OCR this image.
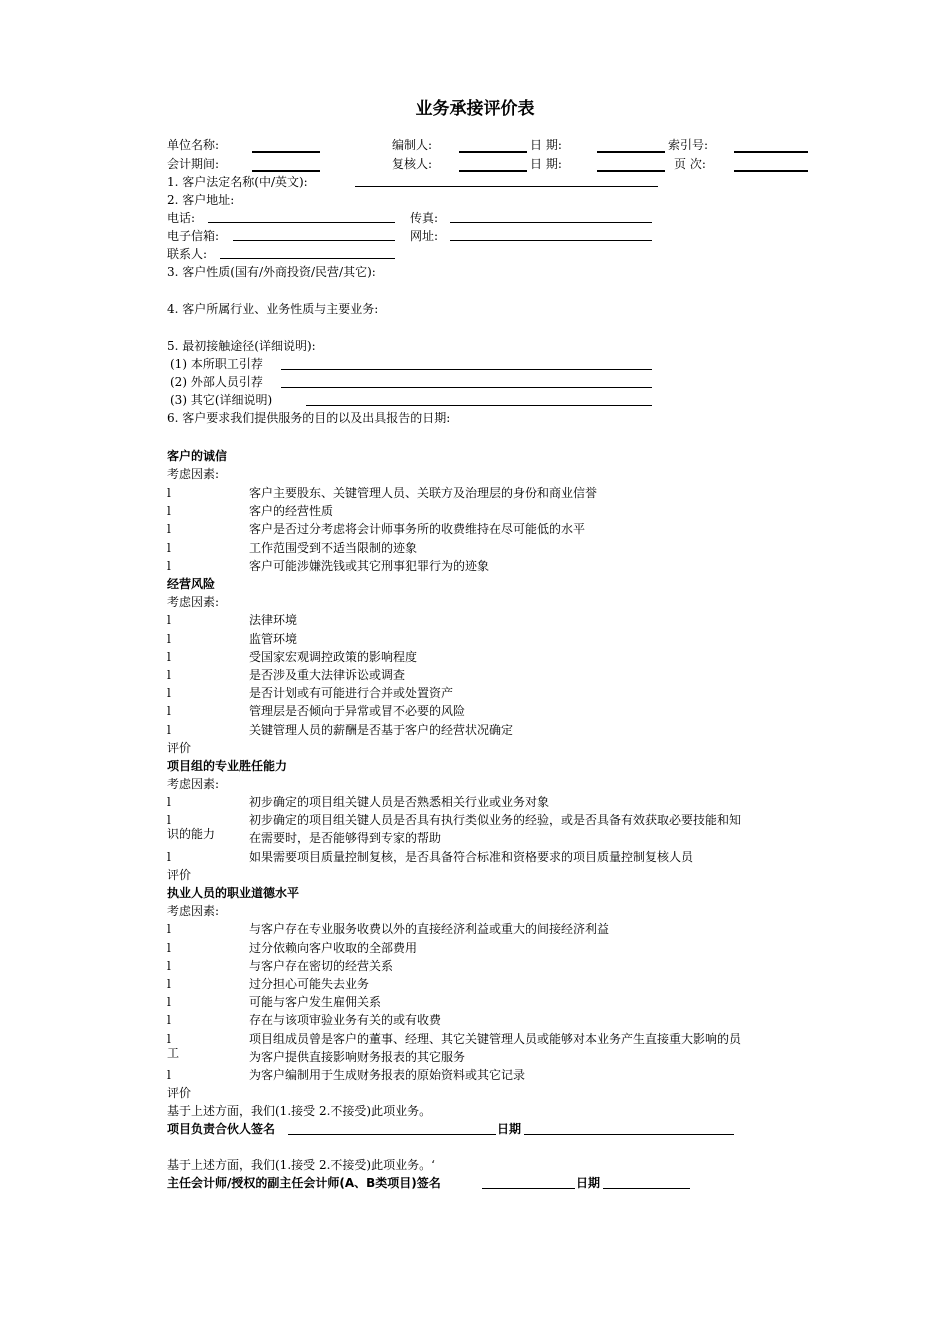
业务承接评价表
单位名称:	编制人:	日 期:	索引号:
会计期间:	复核人:	日 期:	页 次:
1. 客户法定名称(中/英文):
2. 客户地址:
电话:	传真:
电子信箱:	网址:
联系人:
3. 客户性质(国有/外商投资/民营/其它):
4. 客户所属行业、业务性质与主要业务:
5. 最初接触途径(详细说明):
(1) 本所职工引荐
(2) 外部人员引荐
(3) 其它(详细说明)
6. 客户要求我们提供服务的目的以及出具报告的日期:
客户的诚信
考虑因素:
l	客户主要股东、关键管理人员、关联方及治理层的身份和商业信誉
l	客户的经营性质
l	客户是否过分考虑将会计师事务所的收费维持在尽可能低的水平
l	工作范围受到不适当限制的迹象
l	客户可能涉嫌洗钱或其它刑事犯罪行为的迹象
经营风险
考虑因素:
l	法律环境
l	监管环境
l	受国家宏观调控政策的影响程度
l	是否涉及重大法律诉讼或调查
l	是否计划或有可能进行合并或处置资产
l	管理层是否倾向于异常或冒不必要的风险
l	关键管理人员的薪酬是否基于客户的经营状况确定
评价
项目组的专业胜任能力
考虑因素:
l	初步确定的项目组关键人员是否熟悉相关行业或业务对象
l	初步确定的项目组关键人员是否具有执行类似业务的经验，或是否具备有效获取必要技能和知
识的能力	在需要时，是否能够得到专家的帮助
l	如果需要项目质量控制复核，是否具备符合标准和资格要求的项目质量控制复核人员
评价
执业人员的职业道德水平
考虑因素:
l	与客户存在专业服务收费以外的直接经济利益或重大的间接经济利益
l	过分依赖向客户收取的全部费用
l	与客户存在密切的经营关系
l	过分担心可能失去业务
l	可能与客户发生雇佣关系
l	存在与该项审验业务有关的或有收费
l	项目组成员曾是客户的董事、经理、其它关键管理人员或能够对本业务产生直接重大影响的员
工	为客户提供直接影响财务报表的其它服务
l	为客户编制用于生成财务报表的原始资料或其它记录
评价
基于上述方面，我们(1.接受 2.不接受)此项业务。
项目负责合伙人签名	日期
基于上述方面，我们(1.接受 2.不接受)此项业务。‘
主任会计师/授权的副主任会计师(A、B类项目)签名	日期
